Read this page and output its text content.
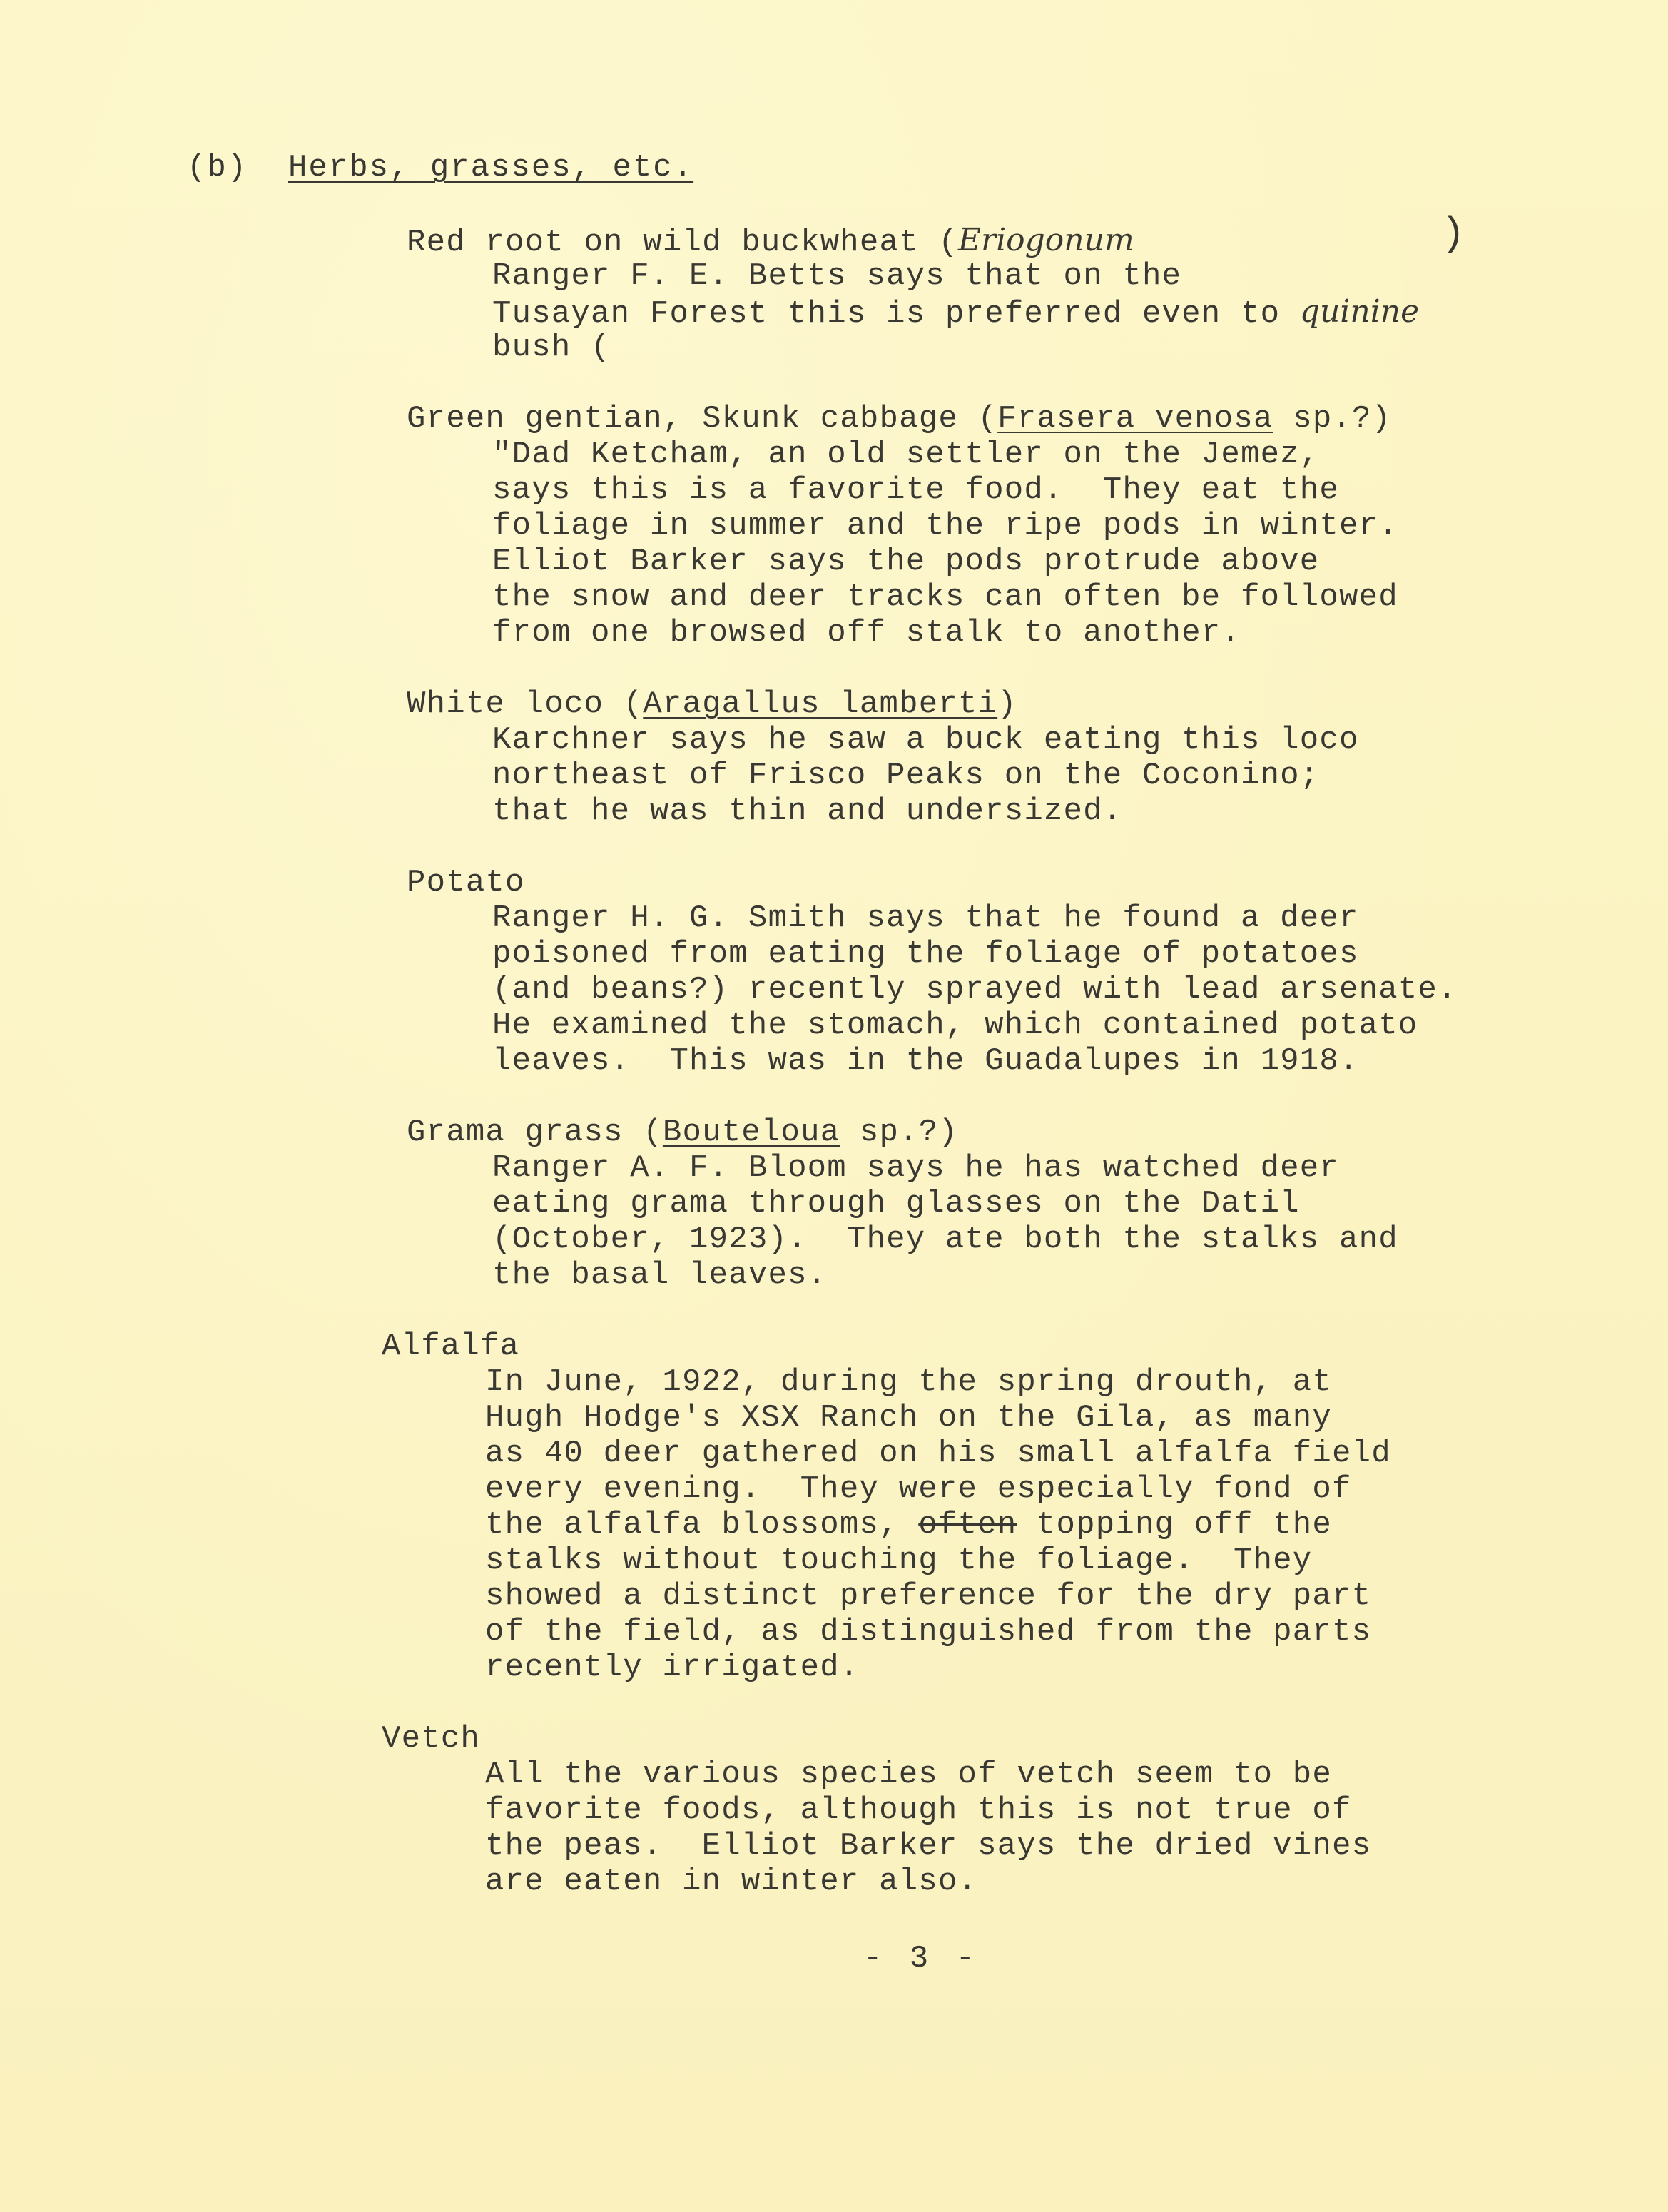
(b) Herbs, grasses, etc.
Red root on wild buckwheat (Eriogonum	)
Ranger F. E. Betts says that on the
Tusayan Forest this is preferred even to quinine
bush (
Green gentian, Skunk cabbage (Frasera venosa sp.?)
"Dad Ketcham, an old settler on the Jemez,
says this is a favorite food.  They eat the
foliage in summer and the ripe pods in winter.
Elliot Barker says the pods protrude above
the snow and deer tracks can often be followed
from one browsed off stalk to another.
White loco (Aragallus lamberti)
Karchner says he saw a buck eating this loco
northeast of Frisco Peaks on the Coconino;
that he was thin and undersized.
Potato
Ranger H. G. Smith says that he found a deer
poisoned from eating the foliage of potatoes
(and beans?) recently sprayed with lead arsenate.
He examined the stomach, which contained potato
leaves.  This was in the Guadalupes in 1918.
Grama grass (Bouteloua sp.?)
Ranger A. F. Bloom says he has watched deer
eating grama through glasses on the Datil
(October, 1923).  They ate both the stalks and
the basal leaves.
Alfalfa
In June, 1922, during the spring drouth, at
Hugh Hodge's XSX Ranch on the Gila, as many
as 40 deer gathered on his small alfalfa field
every evening.  They were especially fond of
the alfalfa blossoms, often topping off the
stalks without touching the foliage.  They
showed a distinct preference for the dry part
of the field, as distinguished from the parts
recently irrigated.
Vetch
All the various species of vetch seem to be
favorite foods, although this is not true of
the peas.  Elliot Barker says the dried vines
are eaten in winter also.
- 3 -
